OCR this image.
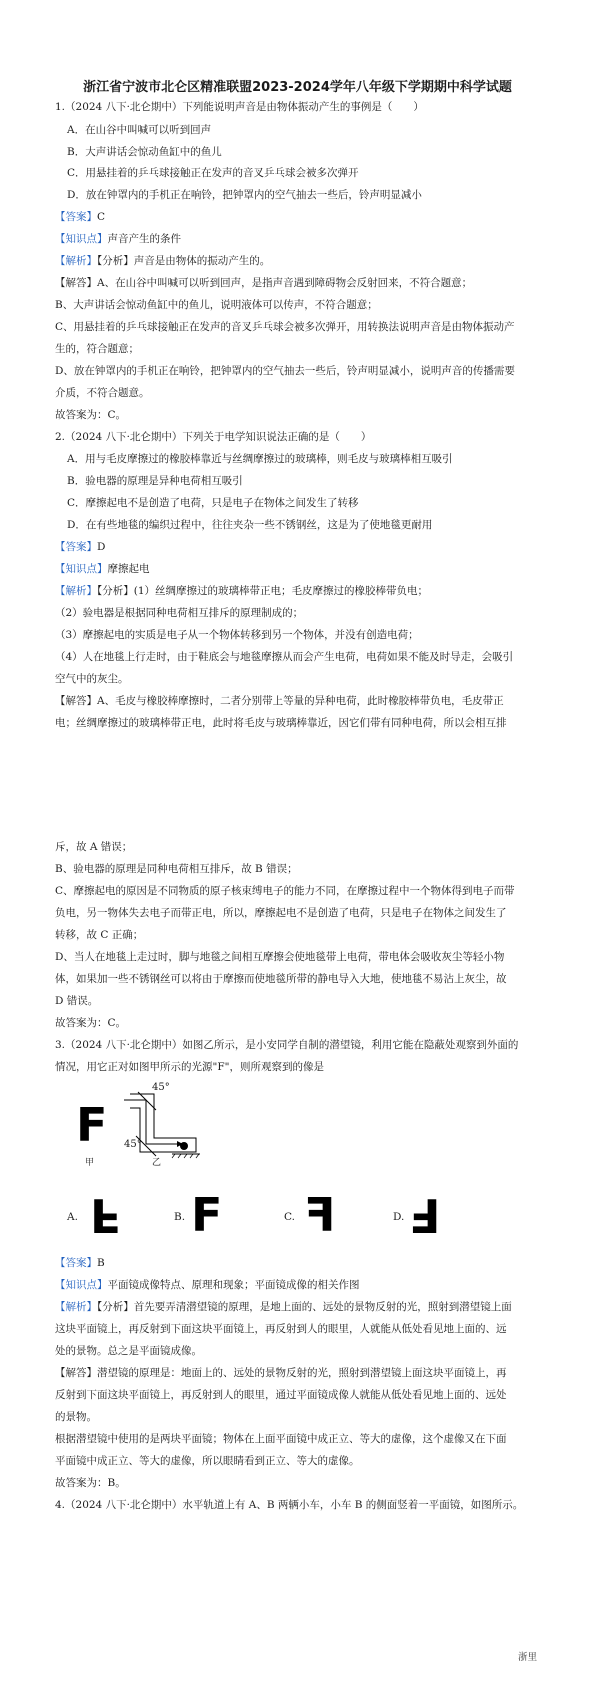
浙江省宁波市北仑区精准联盟2023-2024学年八年级下学期期中科学试题
1.（2024 八下·北仑期中）下列能说明声音是由物体振动产生的事例是（　　）
A．在山谷中叫喊可以听到回声
B．大声讲话会惊动鱼缸中的鱼儿
C．用悬挂着的乒乓球接触正在发声的音叉乒乓球会被多次弹开
D．放在钟罩内的手机正在响铃，把钟罩内的空气抽去一些后，铃声明显减小
【答案】C
【知识点】声音产生的条件
【解析】【分析】声音是由物体的振动产生的。
【解答】A、在山谷中叫喊可以听到回声，是指声音遇到障碍物会反射回来，不符合题意；
B、大声讲话会惊动鱼缸中的鱼儿，说明液体可以传声，不符合题意；
C、用悬挂着的乒乓球接触正在发声的音叉乒乓球会被多次弹开，用转换法说明声音是由物体振动产
生的，符合题意；
D、放在钟罩内的手机正在响铃，把钟罩内的空气抽去一些后，铃声明显减小，说明声音的传播需要
介质，不符合题意。
故答案为：C。
2.（2024 八下·北仑期中）下列关于电学知识说法正确的是（　　）
A．用与毛皮摩擦过的橡胶棒靠近与丝绸摩擦过的玻璃棒，则毛皮与玻璃棒相互吸引
B．验电器的原理是异种电荷相互吸引
C．摩擦起电不是创造了电荷，只是电子在物体之间发生了转移
D．在有些地毯的编织过程中，往往夹杂一些不锈钢丝，这是为了使地毯更耐用
【答案】D
【知识点】摩擦起电
【解析】【分析】(1）丝绸摩擦过的玻璃棒带正电；毛皮摩擦过的橡胶棒带负电；
（2）验电器是根据同种电荷相互排斥的原理制成的；
（3）摩擦起电的实质是电子从一个物体转移到另一个物体，并没有创造电荷；
（4）人在地毯上行走时，由于鞋底会与地毯摩擦从而会产生电荷，电荷如果不能及时导走，会吸引
空气中的灰尘。
【解答】A、毛皮与橡胶棒摩擦时，二者分别带上等量的异种电荷，此时橡胶棒带负电，毛皮带正
电；丝绸摩擦过的玻璃棒带正电，此时将毛皮与玻璃棒靠近，因它们带有同种电荷，所以会相互排
斥，故 A 错误；
B、验电器的原理是同种电荷相互排斥，故 B 错误；
C、摩擦起电的原因是不同物质的原子核束缚电子的能力不同，在摩擦过程中一个物体得到电子而带
负电，另一物体失去电子而带正电，所以，摩擦起电不是创造了电荷，只是电子在物体之间发生了
转移，故 C 正确；
D、当人在地毯上走过时，脚与地毯之间相互摩擦会使地毯带上电荷，带电体会吸收灰尘等轻小物
体，如果加一些不锈钢丝可以将由于摩擦而使地毯所带的静电导入大地，使地毯不易沾上灰尘，故
D 错误。
故答案为：C。
3.（2024 八下·北仑期中）如图乙所示，是小安同学自制的潜望镜，利用它能在隐蔽处观察到外面的
情况，用它正对如图甲所示的光源"F"，则所观察到的像是
F
甲
45°
45°
乙
A. F	B. F	C. F	D. F
【答案】B
【知识点】平面镜成像特点、原理和现象；平面镜成像的相关作图
【解析】【分析】首先要弄清潜望镜的原理，是地上面的、远处的景物反射的光，照射到潜望镜上面
这块平面镜上，再反射到下面这块平面镜上，再反射到人的眼里，人就能从低处看见地上面的、远
处的景物。总之是平面镜成像。
【解答】潜望镜的原理是：地面上的、远处的景物反射的光，照射到潜望镜上面这块平面镜上，再
反射到下面这块平面镜上，再反射到人的眼里，通过平面镜成像人就能从低处看见地上面的、远处
的景物。
根据潜望镜中使用的是两块平面镜；物体在上面平面镜中成正立、等大的虚像，这个虚像又在下面
平面镜中成正立、等大的虚像，所以眼睛看到正立、等大的虚像。
故答案为：B。
4.（2024 八下·北仑期中）水平轨道上有 A、B 两辆小车，小车 B 的侧面竖着一平面镜，如图所示。
浙里
